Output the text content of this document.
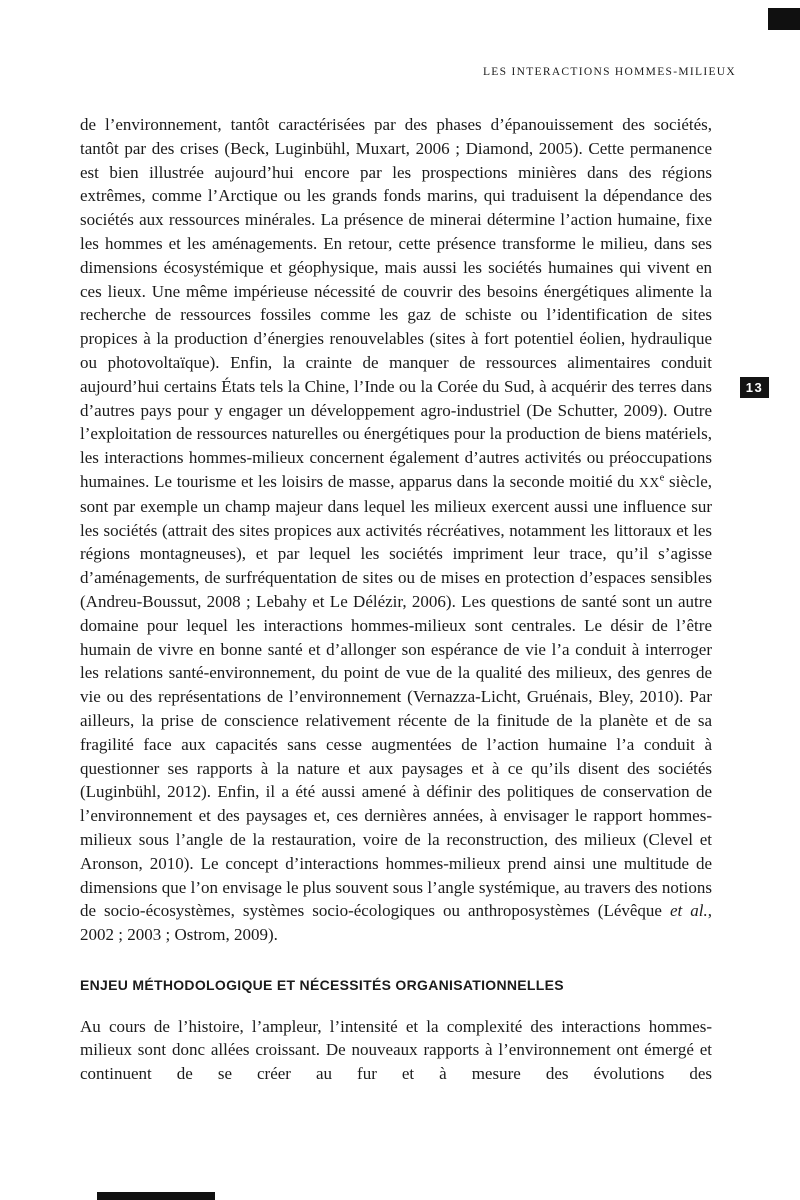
LES INTERACTIONS HOMMES-MILIEUX
13

de l’environnement, tantôt caractérisées par des phases d’épanouissement des sociétés, tantôt par des crises (Beck, Luginbühl, Muxart, 2006 ; Diamond, 2005). Cette permanence est bien illustrée aujourd’hui encore par les prospections minières dans des régions extrêmes, comme l’Arctique ou les grands fonds marins, qui traduisent la dépendance des sociétés aux ressources minérales. La présence de minerai détermine l’action humaine, fixe les hommes et les aménagements. En retour, cette présence transforme le milieu, dans ses dimensions écosystémique et géophysique, mais aussi les sociétés humaines qui vivent en ces lieux. Une même impérieuse nécessité de couvrir des besoins énergétiques alimente la recherche de ressources fossiles comme les gaz de schiste ou l’identification de sites propices à la production d’énergies renouvelables (sites à fort potentiel éolien, hydraulique ou photovoltaïque). Enfin, la crainte de manquer de ressources alimentaires conduit aujourd’hui certains États tels la Chine, l’Inde ou la Corée du Sud, à acquérir des terres dans d’autres pays pour y engager un développement agro-industriel (De Schutter, 2009). Outre l’exploitation de ressources naturelles ou énergétiques pour la production de biens matériels, les interactions hommes-milieux concernent également d’autres activités ou préoccupations humaines. Le tourisme et les loisirs de masse, apparus dans la seconde moitié du XXe siècle, sont par exemple un champ majeur dans lequel les milieux exercent aussi une influence sur les sociétés (attrait des sites propices aux activités récréatives, notamment les littoraux et les régions montagneuses), et par lequel les sociétés impriment leur trace, qu’il s’agisse d’aménagements, de surfréquentation de sites ou de mises en protection d’espaces sensibles (Andreu-Boussut, 2008 ; Lebahy et Le Délézir, 2006). Les questions de santé sont un autre domaine pour lequel les interactions hommes-milieux sont centrales. Le désir de l’être humain de vivre en bonne santé et d’allonger son espérance de vie l’a conduit à interroger les relations santé-environnement, du point de vue de la qualité des milieux, des genres de vie ou des représentations de l’environnement (Vernazza-Licht, Gruénais, Bley, 2010). Par ailleurs, la prise de conscience relativement récente de la finitude de la planète et de sa fragilité face aux capacités sans cesse augmentées de l’action humaine l’a conduit à questionner ses rapports à la nature et aux paysages et à ce qu’ils disent des sociétés (Luginbühl, 2012). Enfin, il a été aussi amené à définir des politiques de conservation de l’environnement et des paysages et, ces dernières années, à envisager le rapport hommes-milieux sous l’angle de la restauration, voire de la reconstruction, des milieux (Clevel et Aronson, 2010). Le concept d’interactions hommes-milieux prend ainsi une multitude de dimensions que l’on envisage le plus souvent sous l’angle systémique, au travers des notions de socio-écosystèmes, systèmes socio-écologiques ou anthroposystèmes (Lévêque et al., 2002 ; 2003 ; Ostrom, 2009).

ENJEU MÉTHODOLOGIQUE ET NÉCESSITÉS ORGANISATIONNELLES

Au cours de l’histoire, l’ampleur, l’intensité et la complexité des interactions hommes-milieux sont donc allées croissant. De nouveaux rapports à l’environnement ont émergé et continuent de se créer au fur et à mesure des évolutions des
